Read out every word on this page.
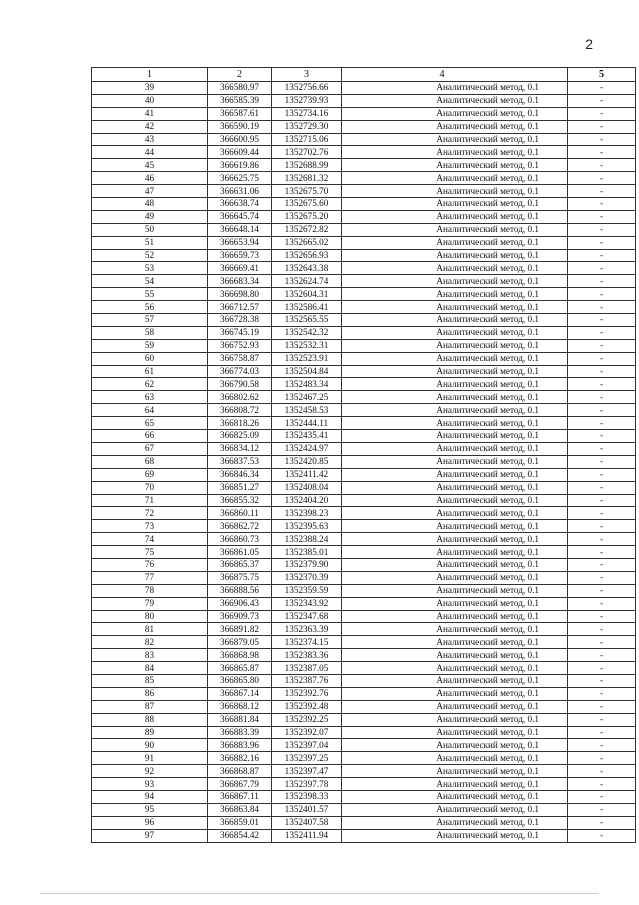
2
1	2	3	4	5
39	366580.97	1352756.66	Аналитический метод, 0.1	-
40	366585.39	1352739.93	Аналитический метод, 0.1	-
41	366587.61	1352734.16	Аналитический метод, 0.1	-
42	366590.19	1352729.30	Аналитический метод, 0.1	-
43	366600.95	1352715.06	Аналитический метод, 0.1	-
44	366609.44	1352702.76	Аналитический метод, 0.1	-
45	366619.86	1352688.99	Аналитический метод, 0.1	-
46	366625.75	1352681.32	Аналитический метод, 0.1	-
47	366631.06	1352675.70	Аналитический метод, 0.1	-
48	366638.74	1352675.60	Аналитический метод, 0.1	-
49	366645.74	1352675.20	Аналитический метод, 0.1	-
50	366648.14	1352672.82	Аналитический метод, 0.1	-
51	366653.94	1352665.02	Аналитический метод, 0.1	-
52	366659.73	1352656.93	Аналитический метод, 0.1	-
53	366669.41	1352643.38	Аналитический метод, 0.1	-
54	366683.34	1352624.74	Аналитический метод, 0.1	-
55	366698.80	1352604.31	Аналитический метод, 0.1	-
56	366712.57	1352586.41	Аналитический метод, 0.1	-
57	366728.38	1352565.55	Аналитический метод, 0.1	-
58	366745.19	1352542.32	Аналитический метод, 0.1	-
59	366752.93	1352532.31	Аналитический метод, 0.1	-
60	366758.87	1352523.91	Аналитический метод, 0.1	-
61	366774.03	1352504.84	Аналитический метод, 0.1	-
62	366790.58	1352483.34	Аналитический метод, 0.1	-
63	366802.62	1352467.25	Аналитический метод, 0.1	-
64	366808.72	1352458.53	Аналитический метод, 0.1	-
65	366818.26	1352444.11	Аналитический метод, 0.1	-
66	366825.09	1352435.41	Аналитический метод, 0.1	-
67	366834.12	1352424.97	Аналитический метод, 0.1	-
68	366837.53	1352420.85	Аналитический метод, 0.1	-
69	366846.34	1352411.42	Аналитический метод, 0.1	-
70	366851.27	1352408.04	Аналитический метод, 0.1	-
71	366855.32	1352404.20	Аналитический метод, 0.1	-
72	366860.11	1352398.23	Аналитический метод, 0.1	-
73	366862.72	1352395.63	Аналитический метод, 0.1	-
74	366860.73	1352388.24	Аналитический метод, 0.1	-
75	366861.05	1352385.01	Аналитический метод, 0.1	-
76	366865.37	1352379.90	Аналитический метод, 0.1	-
77	366875.75	1352370.39	Аналитический метод, 0.1	-
78	366888.56	1352359.59	Аналитический метод, 0.1	-
79	366906.43	1352343.92	Аналитический метод, 0.1	-
80	366909.73	1352347.68	Аналитический метод, 0.1	-
81	366891.82	1352363.39	Аналитический метод, 0.1	-
82	366879.05	1352374.15	Аналитический метод, 0.1	-
83	366868.98	1352383.36	Аналитический метод, 0.1	-
84	366865.87	1352387.05	Аналитический метод, 0.1	-
85	366865.80	1352387.76	Аналитический метод, 0.1	-
86	366867.14	1352392.76	Аналитический метод, 0.1	-
87	366868.12	1352392.48	Аналитический метод, 0.1	-
88	366881.84	1352392.25	Аналитический метод, 0.1	-
89	366883.39	1352392.07	Аналитический метод, 0.1	-
90	366883.96	1352397.04	Аналитический метод, 0.1	-
91	366882.16	1352397.25	Аналитический метод, 0.1	-
92	366868.87	1352397.47	Аналитический метод, 0.1	-
93	366867.79	1352397.78	Аналитический метод, 0.1	-
94	366867.11	1352398.33	Аналитический метод, 0.1	-
95	366863.84	1352401.57	Аналитический метод, 0.1	-
96	366859.01	1352407.58	Аналитический метод, 0.1	-
97	366854.42	1352411.94	Аналитический метод, 0.1	-
